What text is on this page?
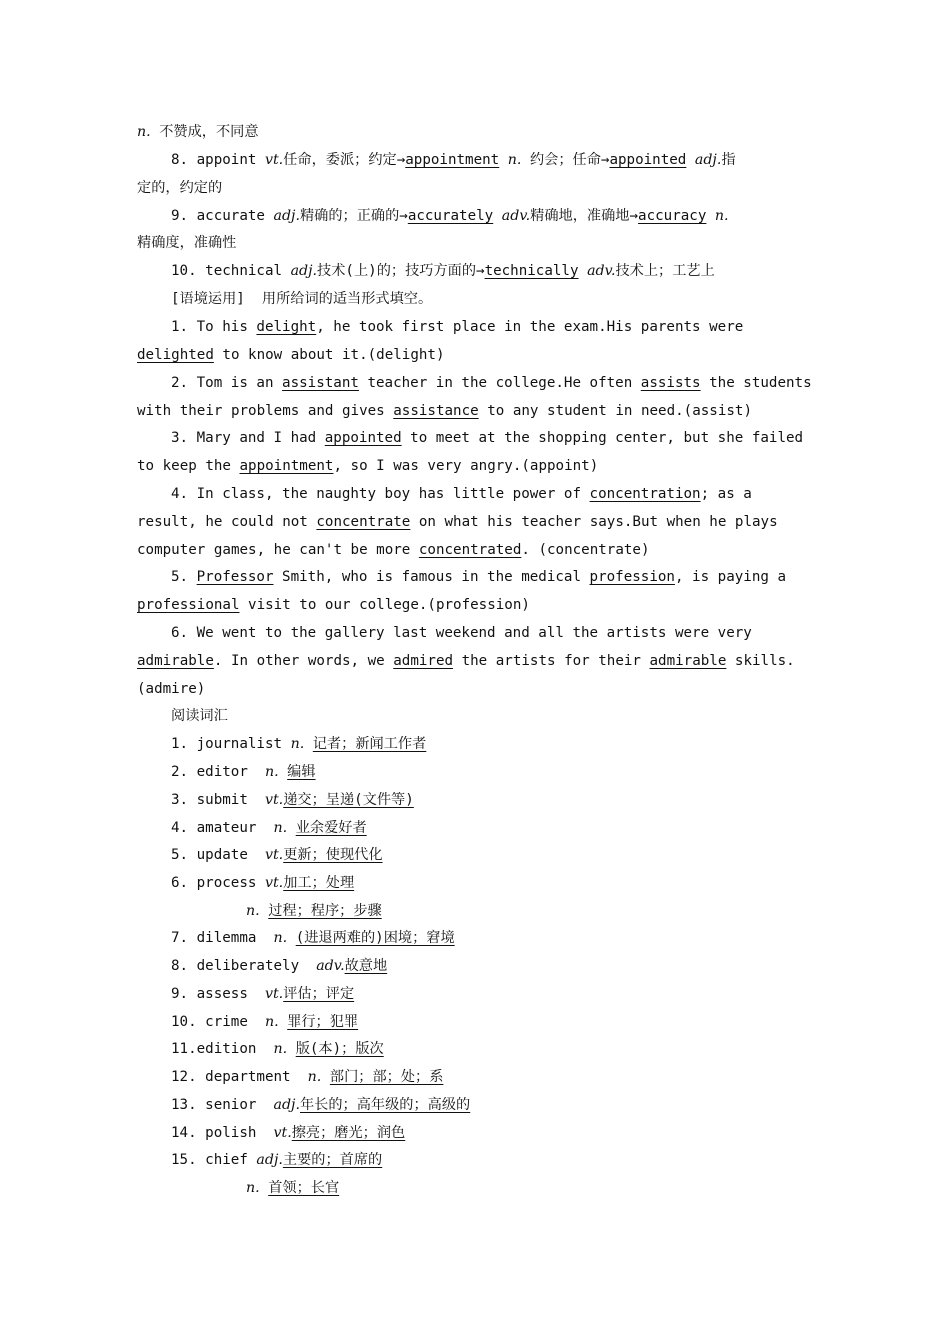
n. 不赞成，不同意
8. appoint vt.任命，委派；约定→appointment n. 约会；任命→appointed adj.指
定的，约定的
9. accurate adj.精确的；正确的→accurately adv.精确地，准确地→accuracy n.
精确度，准确性
10. technical adj.技术(上)的；技巧方面的→technically adv.技术上；工艺上
[语境运用]  用所给词的适当形式填空。
1. To his delight, he took first place in the exam.His parents were
delighted to know about it.(delight)
2. Tom is an assistant teacher in the college.He often assists the students
with their problems and gives assistance to any student in need.(assist)
3. Mary and I had appointed to meet at the shopping center, but she failed
to keep the appointment, so I was very angry.(appoint)
4. In class, the naughty boy has little power of concentration; as a
result, he could not concentrate on what his teacher says.But when he plays
computer games, he can't be more concentrated. (concentrate)
5. Professor Smith, who is famous in the medical profession, is paying a
professional visit to our college.(profession)
6. We went to the gallery last weekend and all the artists were very
admirable. In other words, we admired the artists for their admirable skills.
(admire)
阅读词汇
1. journalist n. 记者；新闻工作者
2. editor  n. 编辑
3. submit  vt.递交；呈递(文件等)
4. amateur  n. 业余爱好者
5. update  vt.更新；使现代化
6. process vt.加工；处理
n. 过程；程序；步骤
7. dilemma  n. (进退两难的)困境；窘境
8. deliberately  adv.故意地
9. assess  vt.评估；评定
10. crime  n. 罪行；犯罪
11.edition  n. 版(本)；版次
12. department  n. 部门；部；处；系
13. senior  adj.年长的；高年级的；高级的
14. polish  vt.擦亮；磨光；润色
15. chief adj.主要的；首席的
n. 首领；长官
